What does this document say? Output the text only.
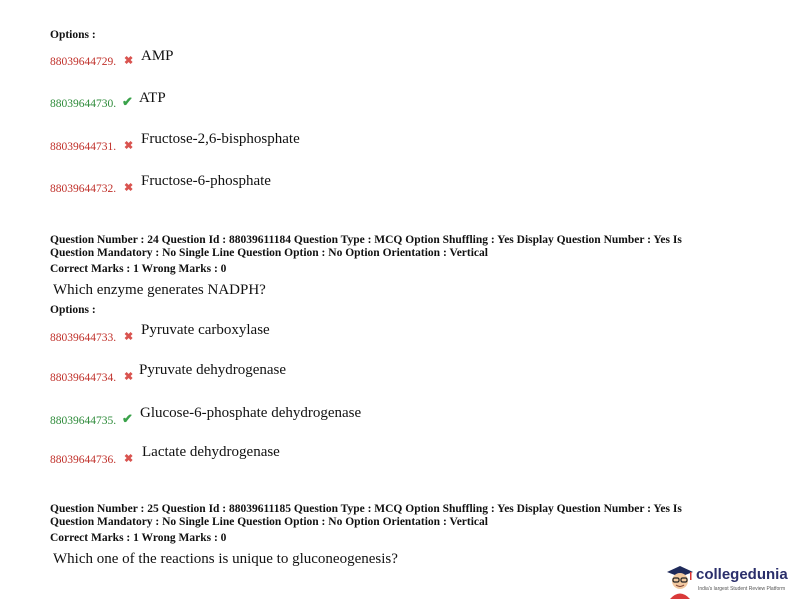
Options :
88039644729. ✖ AMP
88039644730. ✔ ATP
88039644731. ✖ Fructose-2,6-bisphosphate
88039644732. ✖ Fructose-6-phosphate
Question Number : 24 Question Id : 88039611184 Question Type : MCQ Option Shuffling : Yes Display Question Number : Yes Is
Question Mandatory : No Single Line Question Option : No Option Orientation : Vertical
Correct Marks : 1 Wrong Marks : 0
Which enzyme generates NADPH?
Options :
88039644733. ✖ Pyruvate carboxylase
88039644734. ✖ Pyruvate dehydrogenase
88039644735. ✔ Glucose-6-phosphate dehydrogenase
88039644736. ✖ Lactate dehydrogenase
Question Number : 25 Question Id : 88039611185 Question Type : MCQ Option Shuffling : Yes Display Question Number : Yes Is
Question Mandatory : No Single Line Question Option : No Option Orientation : Vertical
Correct Marks : 1 Wrong Marks : 0
Which one of the reactions is unique to gluconeogenesis?
collegedunia
India's largest Student Review Platform
